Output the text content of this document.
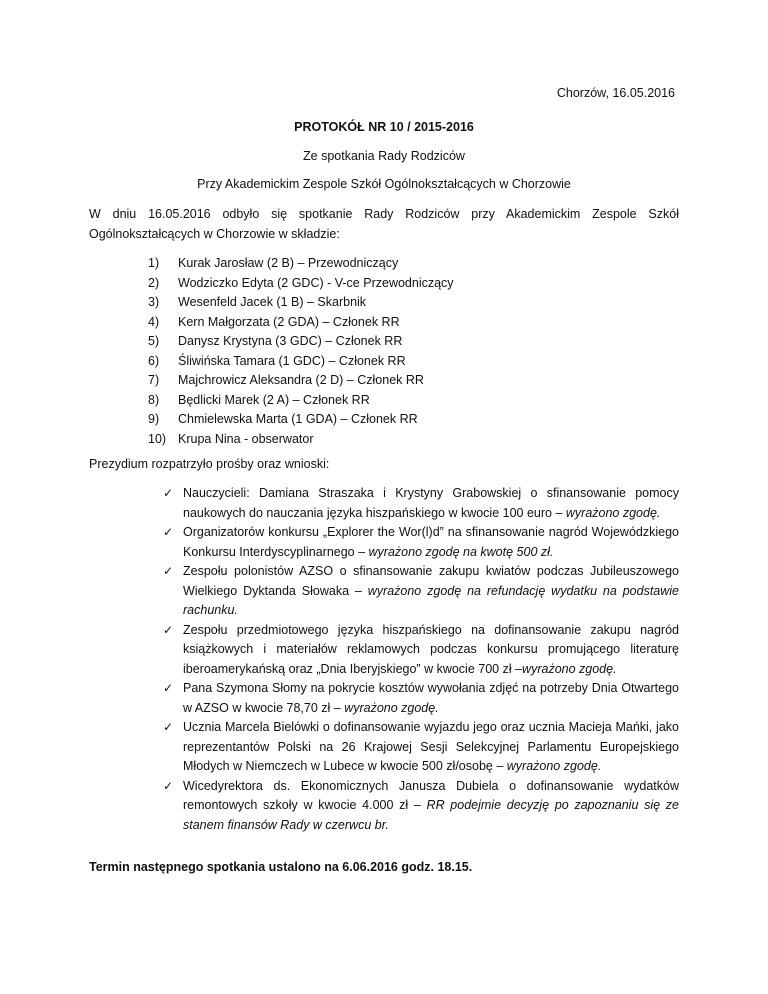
Chorzów, 16.05.2016
PROTOKÓŁ NR 10 / 2015-2016
Ze spotkania Rady Rodziców
Przy Akademickim Zespole Szkół Ogólnokształcących w Chorzowie
W dniu 16.05.2016 odbyło się spotkanie Rady Rodziców przy Akademickim Zespole Szkół Ogólnokształcących w Chorzowie w składzie:
1) Kurak Jarosław (2 B) – Przewodniczący
2) Wodziczko Edyta (2 GDC) - V-ce Przewodniczący
3) Wesenfeld Jacek (1 B) – Skarbnik
4) Kern Małgorzata (2 GDA) – Członek RR
5) Danysz Krystyna (3 GDC) – Członek RR
6) Śliwińska Tamara (1 GDC) – Członek RR
7) Majchrowicz Aleksandra (2 D) – Członek RR
8) Będlicki Marek (2 A) – Członek RR
9) Chmielewska Marta (1 GDA) – Członek RR
10) Krupa Nina - obserwator
Prezydium rozpatrzyło prośby oraz wnioski:
✓ Nauczycieli: Damiana Straszaka i Krystyny Grabowskiej o sfinansowanie pomocy naukowych do nauczania języka hiszpańskiego w kwocie 100 euro – wyrażono zgodę.
✓ Organizatorów konkursu „Explorer the Wor(l)d” na sfinansowanie nagród Wojewódzkiego Konkursu Interdyscyplinarnego – wyrażono zgodę na kwotę 500 zł.
✓ Zespołu polonistów AZSO o sfinansowanie zakupu kwiatów podczas Jubileuszowego Wielkiego Dyktanda Słowaka – wyrażono zgodę na refundację wydatku na podstawie rachunku.
✓ Zespołu przedmiotowego języka hiszpańskiego na dofinansowanie zakupu nagród książkowych i materiałów reklamowych podczas konkursu promującego literaturę iberoamerykańską oraz „Dnia Iberyjskiego” w kwocie 700 zł –wyrażono zgodę.
✓ Pana Szymona Słomy na pokrycie kosztów wywołania zdjęć na potrzeby Dnia Otwartego w AZSO w kwocie 78,70 zł – wyrażono zgodę.
✓ Ucznia Marcela Bielówki o dofinansowanie wyjazdu jego oraz ucznia Macieja Mańki, jako reprezentantów Polski na 26 Krajowej Sesji Selekcyjnej Parlamentu Europejskiego Młodych w Niemczech w Lubece w kwocie 500 zł/osobę – wyrażono zgodę.
✓ Wicedyrektora ds. Ekonomicznych Janusza Dubiela o dofinansowanie wydatków remontowych szkoły w kwocie 4.000 zł – RR podejmie decyzję po zapoznaniu się ze stanem finansów Rady w czerwcu br.
Termin następnego spotkania ustalono na 6.06.2016 godz. 18.15.
